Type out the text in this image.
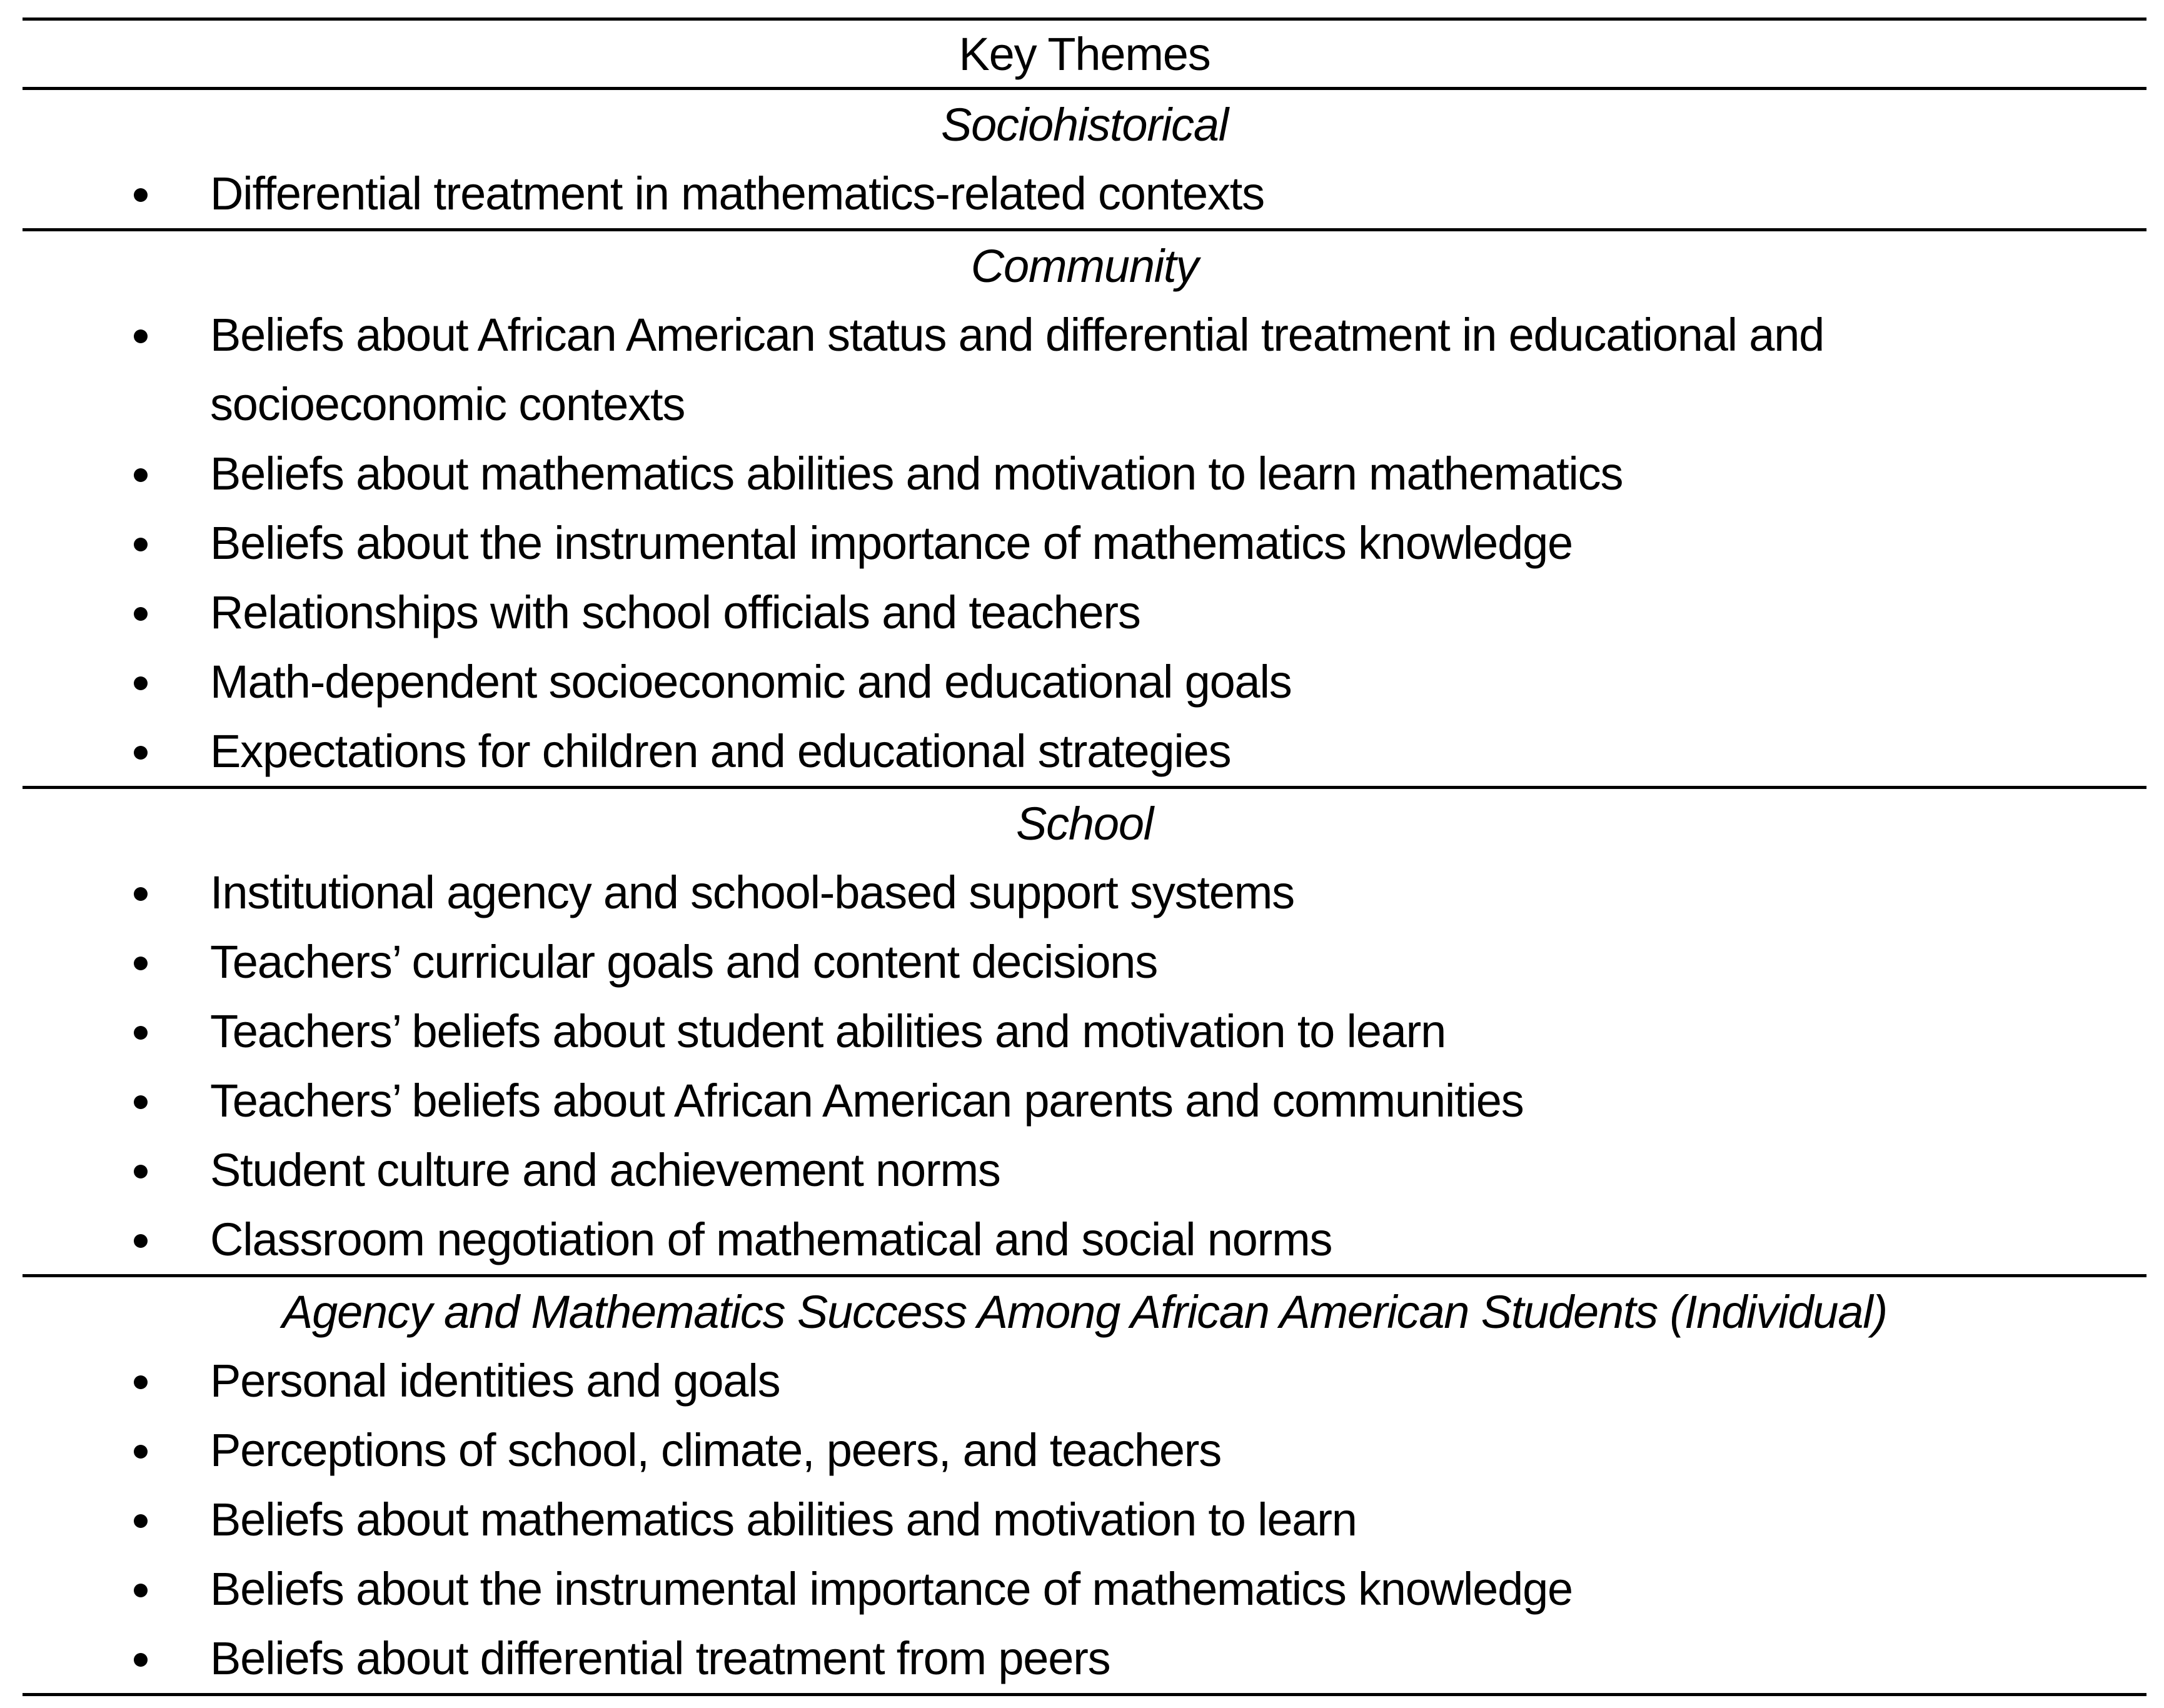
Key Themes
Sociohistorical
Differential treatment in mathematics-related contexts
Community
Beliefs about African American status and differential treatment in educational and
socioeconomic contexts
Beliefs about mathematics abilities and motivation to learn mathematics
Beliefs about the instrumental importance of mathematics knowledge
Relationships with school officials and teachers
Math-dependent socioeconomic and educational goals
Expectations for children and educational strategies
School
Institutional agency and school-based support systems
Teachers’ curricular goals and content decisions
Teachers’ beliefs about student abilities and motivation to learn
Teachers’ beliefs about African American parents and communities
Student culture and achievement norms
Classroom negotiation of mathematical and social norms
Agency and Mathematics Success Among African American Students (Individual)
Personal identities and goals
Perceptions of school, climate, peers, and teachers
Beliefs about mathematics abilities and motivation to learn
Beliefs about the instrumental importance of mathematics knowledge
Beliefs about differential treatment from peers
